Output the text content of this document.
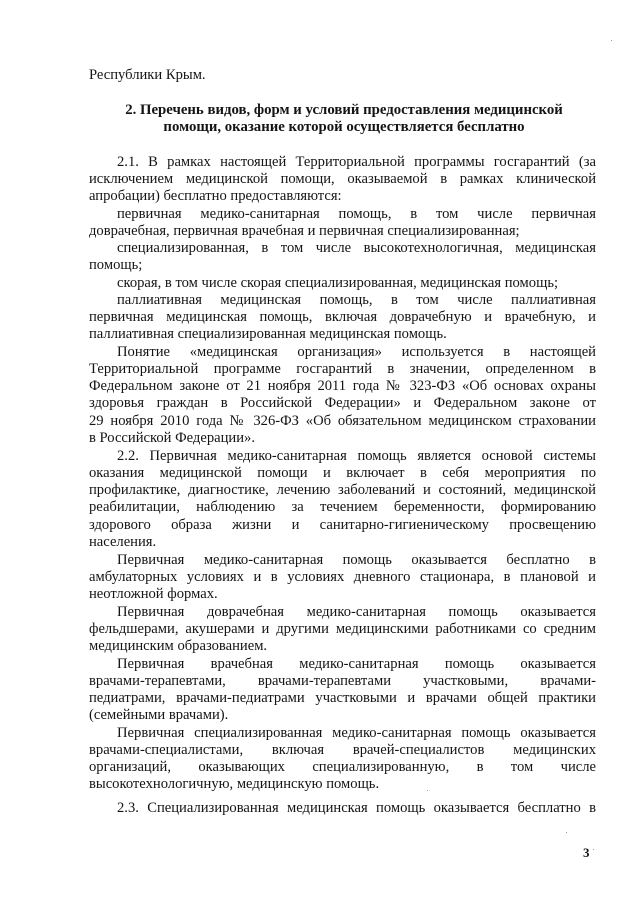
Республики Крым.
2. Перечень видов, форм и условий предоставления медицинской
помощи, оказание которой осуществляется бесплатно
2.1. В рамках настоящей Территориальной программы госгарантий (за
исключением медицинской помощи, оказываемой в рамках клинической
апробации) бесплатно предоставляются:
первичная медико-санитарная помощь, в том числе первичная
доврачебная, первичная врачебная и первичная специализированная;
специализированная, в том числе высокотехнологичная, медицинская
помощь;
скорая, в том числе скорая специализированная, медицинская помощь;
паллиативная медицинская помощь, в том числе паллиативная
первичная медицинская помощь, включая доврачебную и врачебную, и
паллиативная специализированная медицинская помощь.
Понятие «медицинская организация» используется в настоящей
Территориальной программе госгарантий в значении, определенном в
Федеральном законе от 21 ноября 2011 года № 323-ФЗ «Об основах охраны
здоровья граждан в Российской Федерации» и Федеральном законе от
29 ноября 2010 года № 326-ФЗ «Об обязательном медицинском страховании
в Российской Федерации».
2.2. Первичная медико-санитарная помощь является основой системы
оказания медицинской помощи и включает в себя мероприятия по
профилактике, диагностике, лечению заболеваний и состояний, медицинской
реабилитации, наблюдению за течением беременности, формированию
здорового образа жизни и санитарно-гигиеническому просвещению
населения.
Первичная медико-санитарная помощь оказывается бесплатно в
амбулаторных условиях и в условиях дневного стационара, в плановой и
неотложной формах.
Первичная доврачебная медико-санитарная помощь оказывается
фельдшерами, акушерами и другими медицинскими работниками со средним
медицинским образованием.
Первичная врачебная медико-санитарная помощь оказывается
врачами-терапевтами, врачами-терапевтами участковыми, врачами-
педиатрами, врачами-педиатрами участковыми и врачами общей практики
(семейными врачами).
Первичная специализированная медико-санитарная помощь оказывается
врачами-специалистами, включая врачей-специалистов медицинских
организаций, оказывающих специализированную, в том числе
высокотехнологичную, медицинскую помощь.
2.3. Специализированная медицинская помощь оказывается бесплатно в
3
